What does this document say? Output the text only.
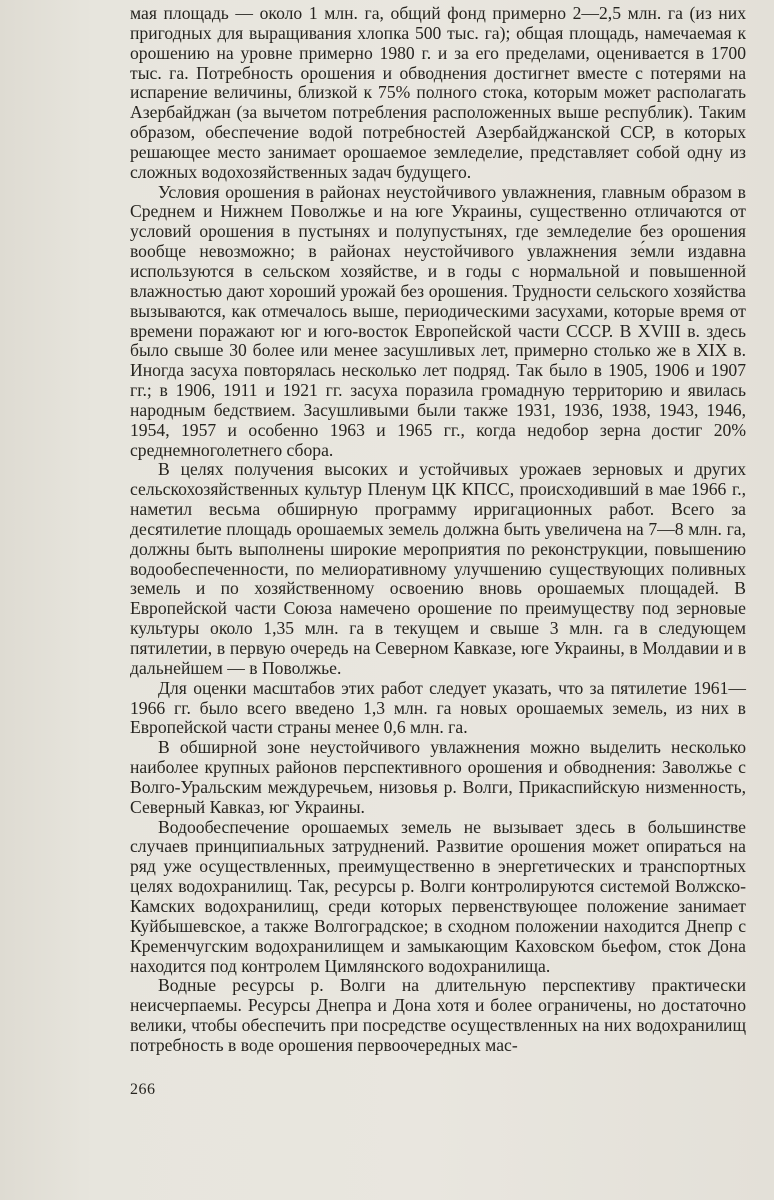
мая площадь — около 1 млн. га, общий фонд примерно 2—2,5 млн. га (из них пригодных для выращивания хлопка 500 тыс. га); общая площадь, намечаемая к орошению на уровне примерно 1980 г. и за его пределами, оценивается в 1700 тыс. га. Потребность орошения и обводнения достигнет вместе с потерями на испарение величины, близкой к 75% полного стока, которым может располагать Азербайджан (за вычетом потребления расположенных выше республик). Таким образом, обеспечение водой потребностей Азербайджанской ССР, в которых решающее место занимает орошаемое земледелие, представляет собой одну из сложных водохозяйственных задач будущего.

Условия орошения в районах неустойчивого увлажнения, главным образом в Среднем и Нижнем Поволжье и на юге Украины, существенно отличаются от условий орошения в пустынях и полупустынях, где земледелие без орошения вообще невозможно; в районах неустойчивого увлажнения зе́мли издавна используются в сельском хозяйстве, и в годы с нормальной и повышенной влажностью дают хороший урожай без орошения. Трудности сельского хозяйства вызываются, как отмечалось выше, периодическими засухами, которые время от времени поражают юг и юго-восток Европейской части СССР. В XVIII в. здесь было свыше 30 более или менее засушливых лет, примерно столько же в XIX в. Иногда засуха повторялась несколько лет подряд. Так было в 1905, 1906 и 1907 гг.; в 1906, 1911 и 1921 гг. засуха поразила громадную территорию и явилась народным бедствием. Засушливыми были также 1931, 1936, 1938, 1943, 1946, 1954, 1957 и особенно 1963 и 1965 гг., когда недобор зерна достиг 20% среднемноголетнего сбора.

В целях получения высоких и устойчивых урожаев зерновых и других сельскохозяйственных культур Пленум ЦК КПСС, происходивший в мае 1966 г., наметил весьма обширную программу ирригационных работ. Всего за десятилетие площадь орошаемых земель должна быть увеличена на 7—8 млн. га, должны быть выполнены широкие мероприятия по реконструкции, повышению водообеспеченности, по мелиоративному улучшению существующих поливных земель и по хозяйственному освоению вновь орошаемых площадей. В Европейской части Союза намечено орошение по преимуществу под зерновые культуры около 1,35 млн. га в текущем и свыше 3 млн. га в следующем пятилетии, в первую очередь на Северном Кавказе, юге Украины, в Молдавии и в дальнейшем — в Поволжье.

Для оценки масштабов этих работ следует указать, что за пятилетие 1961—1966 гг. было всего введено 1,3 млн. га новых орошаемых земель, из них в Европейской части страны менее 0,6 млн. га.

В обширной зоне неустойчивого увлажнения можно выделить несколько наиболее крупных районов перспективного орошения и обводнения: Заволжье с Волго-Уральским междуречьем, низовья р. Волги, Прикаспийскую низменность, Северный Кавказ, юг Украины.

Водообеспечение орошаемых земель не вызывает здесь в большинстве случаев принципиальных затруднений. Развитие орошения может опираться на ряд уже осуществленных, преимущественно в энергетических и транспортных целях водохранилищ. Так, ресурсы р. Волги контролируются системой Волжско-Камских водохранилищ, среди которых первенствующее положение занимает Куйбышевское, а также Волгоградское; в сходном положении находится Днепр с Кременчугским водохранилищем и замыкающим Каховском бьефом, сток Дона находится под контролем Цимлянского водохранилища.

Водные ресурсы р. Волги на длительную перспективу практически неисчерпаемы. Ресурсы Днепра и Дона хотя и более ограничены, но достаточно велики, чтобы обеспечить при посредстве осуществленных на них водохранилищ потребность в воде орошения первоочередных мас-

266
